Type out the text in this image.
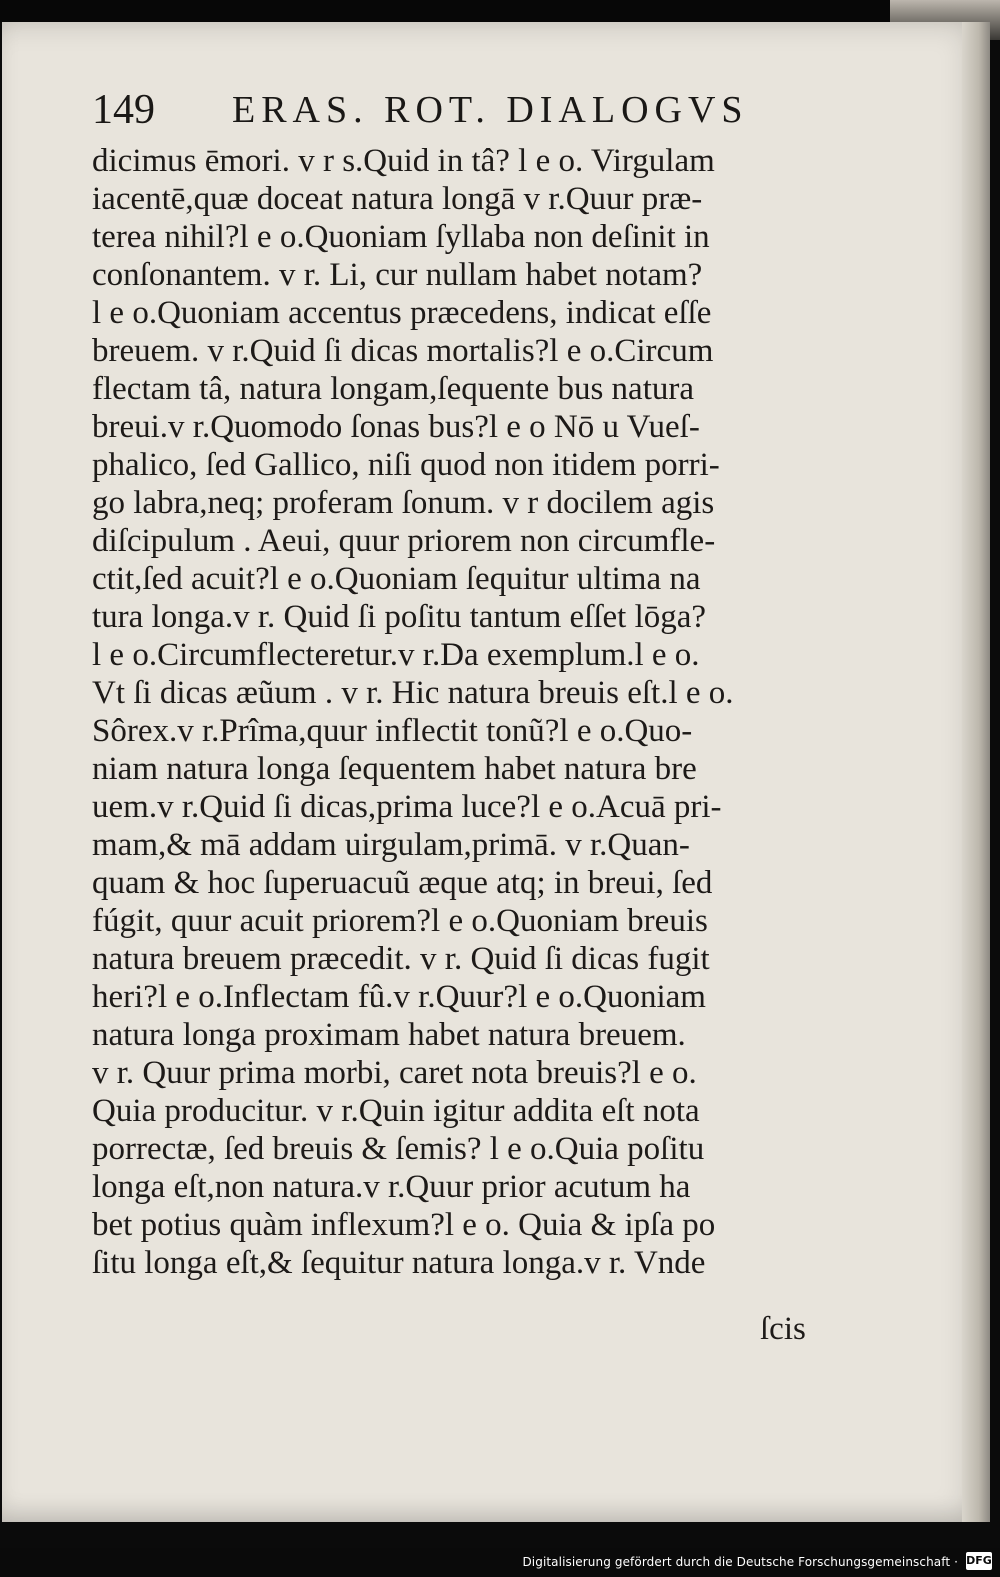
149 ERAS. ROT. DIALOGVS
dicimus ēmori. v r s.Quid in tâ? l e o. Virgulam
iacentē,quæ doceat natura longā v r.Quur præ-
terea nihil?l e o.Quoniam ſyllaba non deſinit in
conſonantem. v r. Li, cur nullam habet notam?
l e o.Quoniam accentus præcedens, indicat eſſe
breuem. v r.Quid ſi dicas mortalis?l e o.Circum
flectam tâ, natura longam,ſequente bus natura
breui.v r.Quomodo ſonas bus?l e o Nō u Vueſ-
phalico, ſed Gallico, niſi quod non itidem porri-
go labra,neq; proferam ſonum. v r docilem agis
diſcipulum . Aeui, quur priorem non circumfle-
ctit,ſed acuit?l e o.Quoniam ſequitur ultima na
tura longa.v r. Quid ſi poſitu tantum eſſet lōga?
l e o.Circumflecteretur.v r.Da exemplum.l e o.
Vt ſi dicas æũum . v r. Hic natura breuis eſt.l e o.
Sôrex.v r.Prîma,quur inflectit tonũ?l e o.Quo-
niam natura longa ſequentem habet natura bre
uem.v r.Quid ſi dicas,prima luce?l e o.Acuā pri-
mam,& mā addam uirgulam,primā. v r.Quan-
quam & hoc ſuperuacuũ æque atq; in breui, ſed
fúgit, quur acuit priorem?l e o.Quoniam breuis
natura breuem præcedit. v r. Quid ſi dicas fugit
heri?l e o.Inflectam fû.v r.Quur?l e o.Quoniam
natura longa proximam habet natura breuem.
v r. Quur prima morbi, caret nota breuis?l e o.
Quia producitur. v r.Quin igitur addita eſt nota
porrectæ, ſed breuis & ſemis? l e o.Quia poſitu
longa eſt,non natura.v r.Quur prior acutum ha
bet potius quàm inflexum?l e o. Quia & ipſa po
ſitu longa eſt,& ſequitur natura longa.v r. Vnde
ſcis
Digitalisierung gefördert durch die Deutsche Forschungsgemeinschaft · DFG
